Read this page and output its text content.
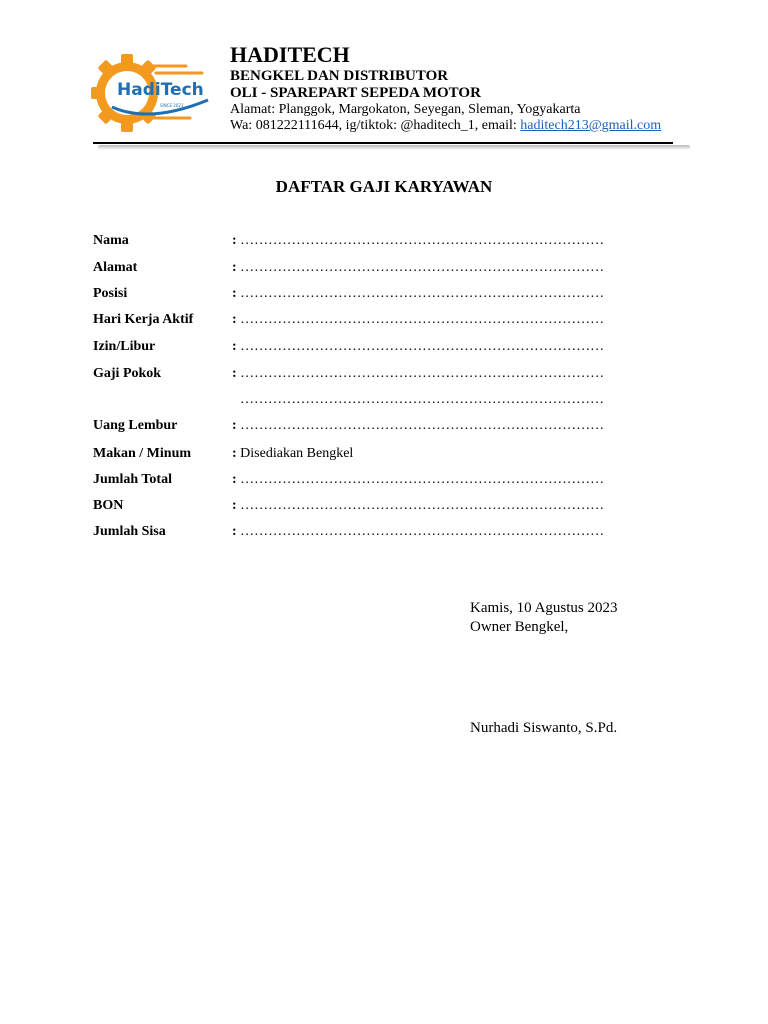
HadiTech
SINCE 2021
HADITECH
BENGKEL DAN DISTRIBUTOR
OLI - SPAREPART SEPEDA MOTOR
Alamat: Planggok, Margokaton, Seyegan, Sleman, Yogyakarta
Wa: 081222111644, ig/tiktok: @haditech_1, email: haditech213@gmail.com
DAFTAR GAJI KARYAWAN
Nama	: ……………………………………………………………………
Alamat	: ……………………………………………………………………
Posisi	: ……………………………………………………………………
Hari Kerja Aktif	: ……………………………………………………………………
Izin/Libur	: ……………………………………………………………………
Gaji Pokok	: ……………………………………………………………………
……………………………………………………………………
Uang Lembur	: ……………………………………………………………………
Makan / Minum	: Disediakan Bengkel
Jumlah Total	: ……………………………………………………………………
BON	: ……………………………………………………………………
Jumlah Sisa	: ……………………………………………………………………
Kamis, 10 Agustus 2023
Owner Bengkel,
Nurhadi Siswanto, S.Pd.
